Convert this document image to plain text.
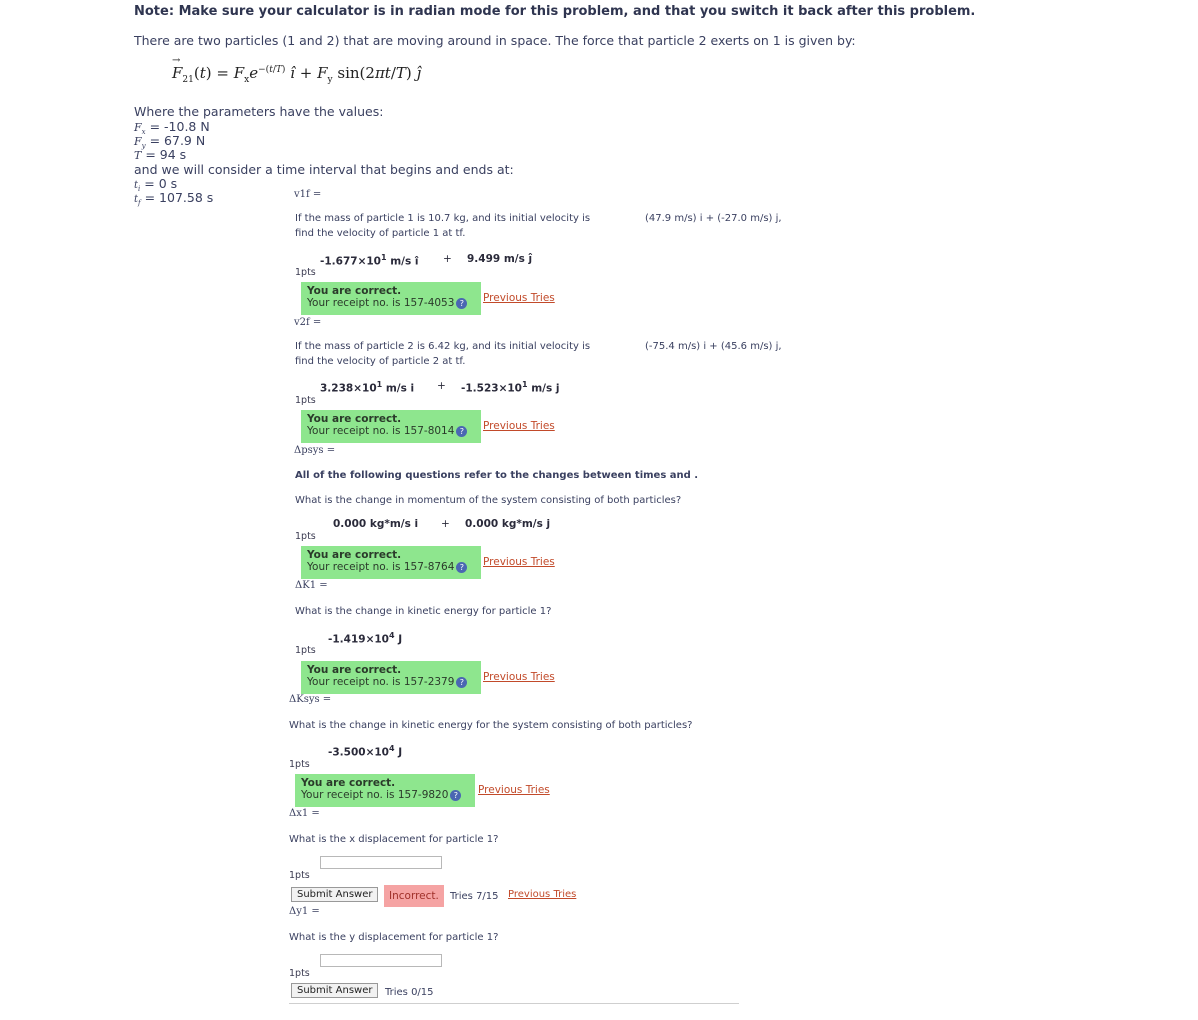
Note: Make sure your calculator is in radian mode for this problem, and that you switch it back after this problem.
There are two particles (1 and 2) that are moving around in space. The force that particle 2 exerts on 1 is given by:
F
→
$_{21}(t) = F_xe^{-(t/T)}$ î + $F_y$ sin(2πt/T) ĵ
Where the parameters have the values:
$F_x = -10.8$ N
$F_y = 67.9$ N
T = 94 s
and we will consider a time interval that begins and ends at:
$t_i = 0$ s
$t_f = 107.58$ s	v1f =
If the mass of particle 1 is 10.7 kg, and its initial velocity is
find the velocity of particle 1 at tf.
(47.9 m/s) i + (-27.0 m/s) j,
$-1.677\times 10^1$ m/s î + 9.499 m/s ĵ
1pts
You are correct.
Your receipt no. is 157-4053 ?	Previous Tries
v2f =
If the mass of particle 2 is 6.42 kg, and its initial velocity is
find the velocity of particle 2 at tf.
(-75.4 m/s) i + (45.6 m/s) j,
$3.238\times 10^1$ m/s $i + -1.523\times 10^1$ m/s j
1pts
You are correct.
Your receipt no. is 157-8014 ?	Previous Tries
Δpsys =
All of the following questions refer to the changes between times and .
What is the change in momentum of the system consisting of both particles?
0.000 kg*m/s i + 0.000 kg*m/s j
1pts
You are correct.
Your receipt no. is 157-8764 ?	Previous Tries
ΔK1 =
What is the change in kinetic energy for particle 1?
$-1.419\times 10^4$ J
1pts
You are correct.
Your receipt no. is 157-2379 ?	Previous Tries
ΔKsys =
What is the change in kinetic energy for the system consisting of both particles?
$-3.500\times 10^4$ J
1pts
You are correct.
Your receipt no. is 157-9820 ?	Previous Tries
Δx1 =
What is the x displacement for particle 1?
1pts
Submit Answer	Incorrect.	Tries 7/15 Previous Tries
Δy1 =
What is the y displacement for particle 1?
1pts
Submit Answer	Tries 0/15
